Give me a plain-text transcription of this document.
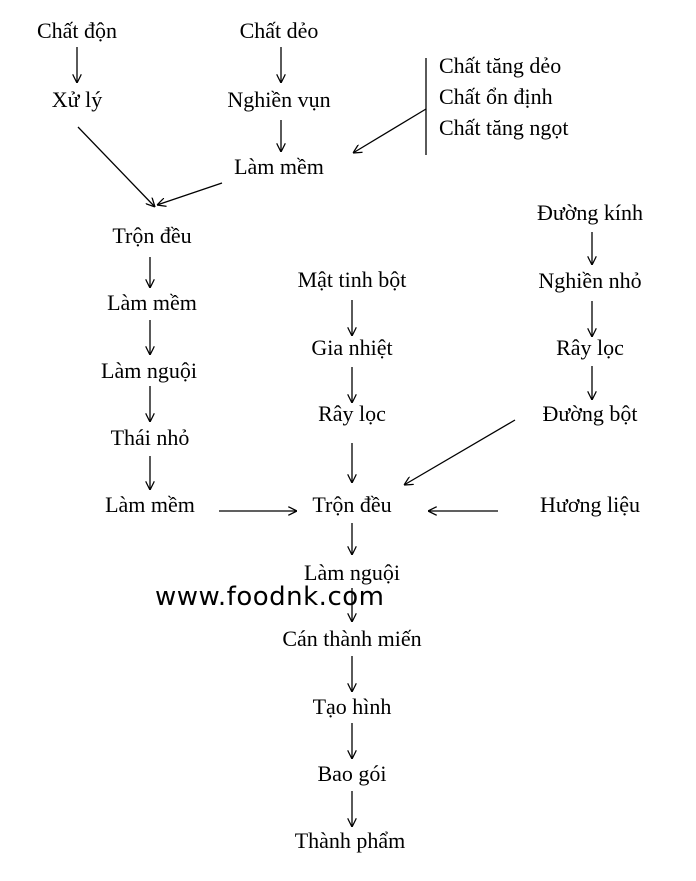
Chất độn
Xử lý
Chất dẻo
Nghiền vụn
Làm mềm
Chất tăng dẻo
Chất ổn định
Chất tăng ngọt
Trộn đều
Làm mềm
Làm nguội
Thái nhỏ
Làm mềm
Mật tinh bột
Gia nhiệt
Rây lọc
Đường kính
Nghiền nhỏ
Rây lọc
Đường bột
Hương liệu
Trộn đều
Làm nguội
Cán thành miến
Tạo hình
Bao gói
Thành phẩm
www.foodnk.com
